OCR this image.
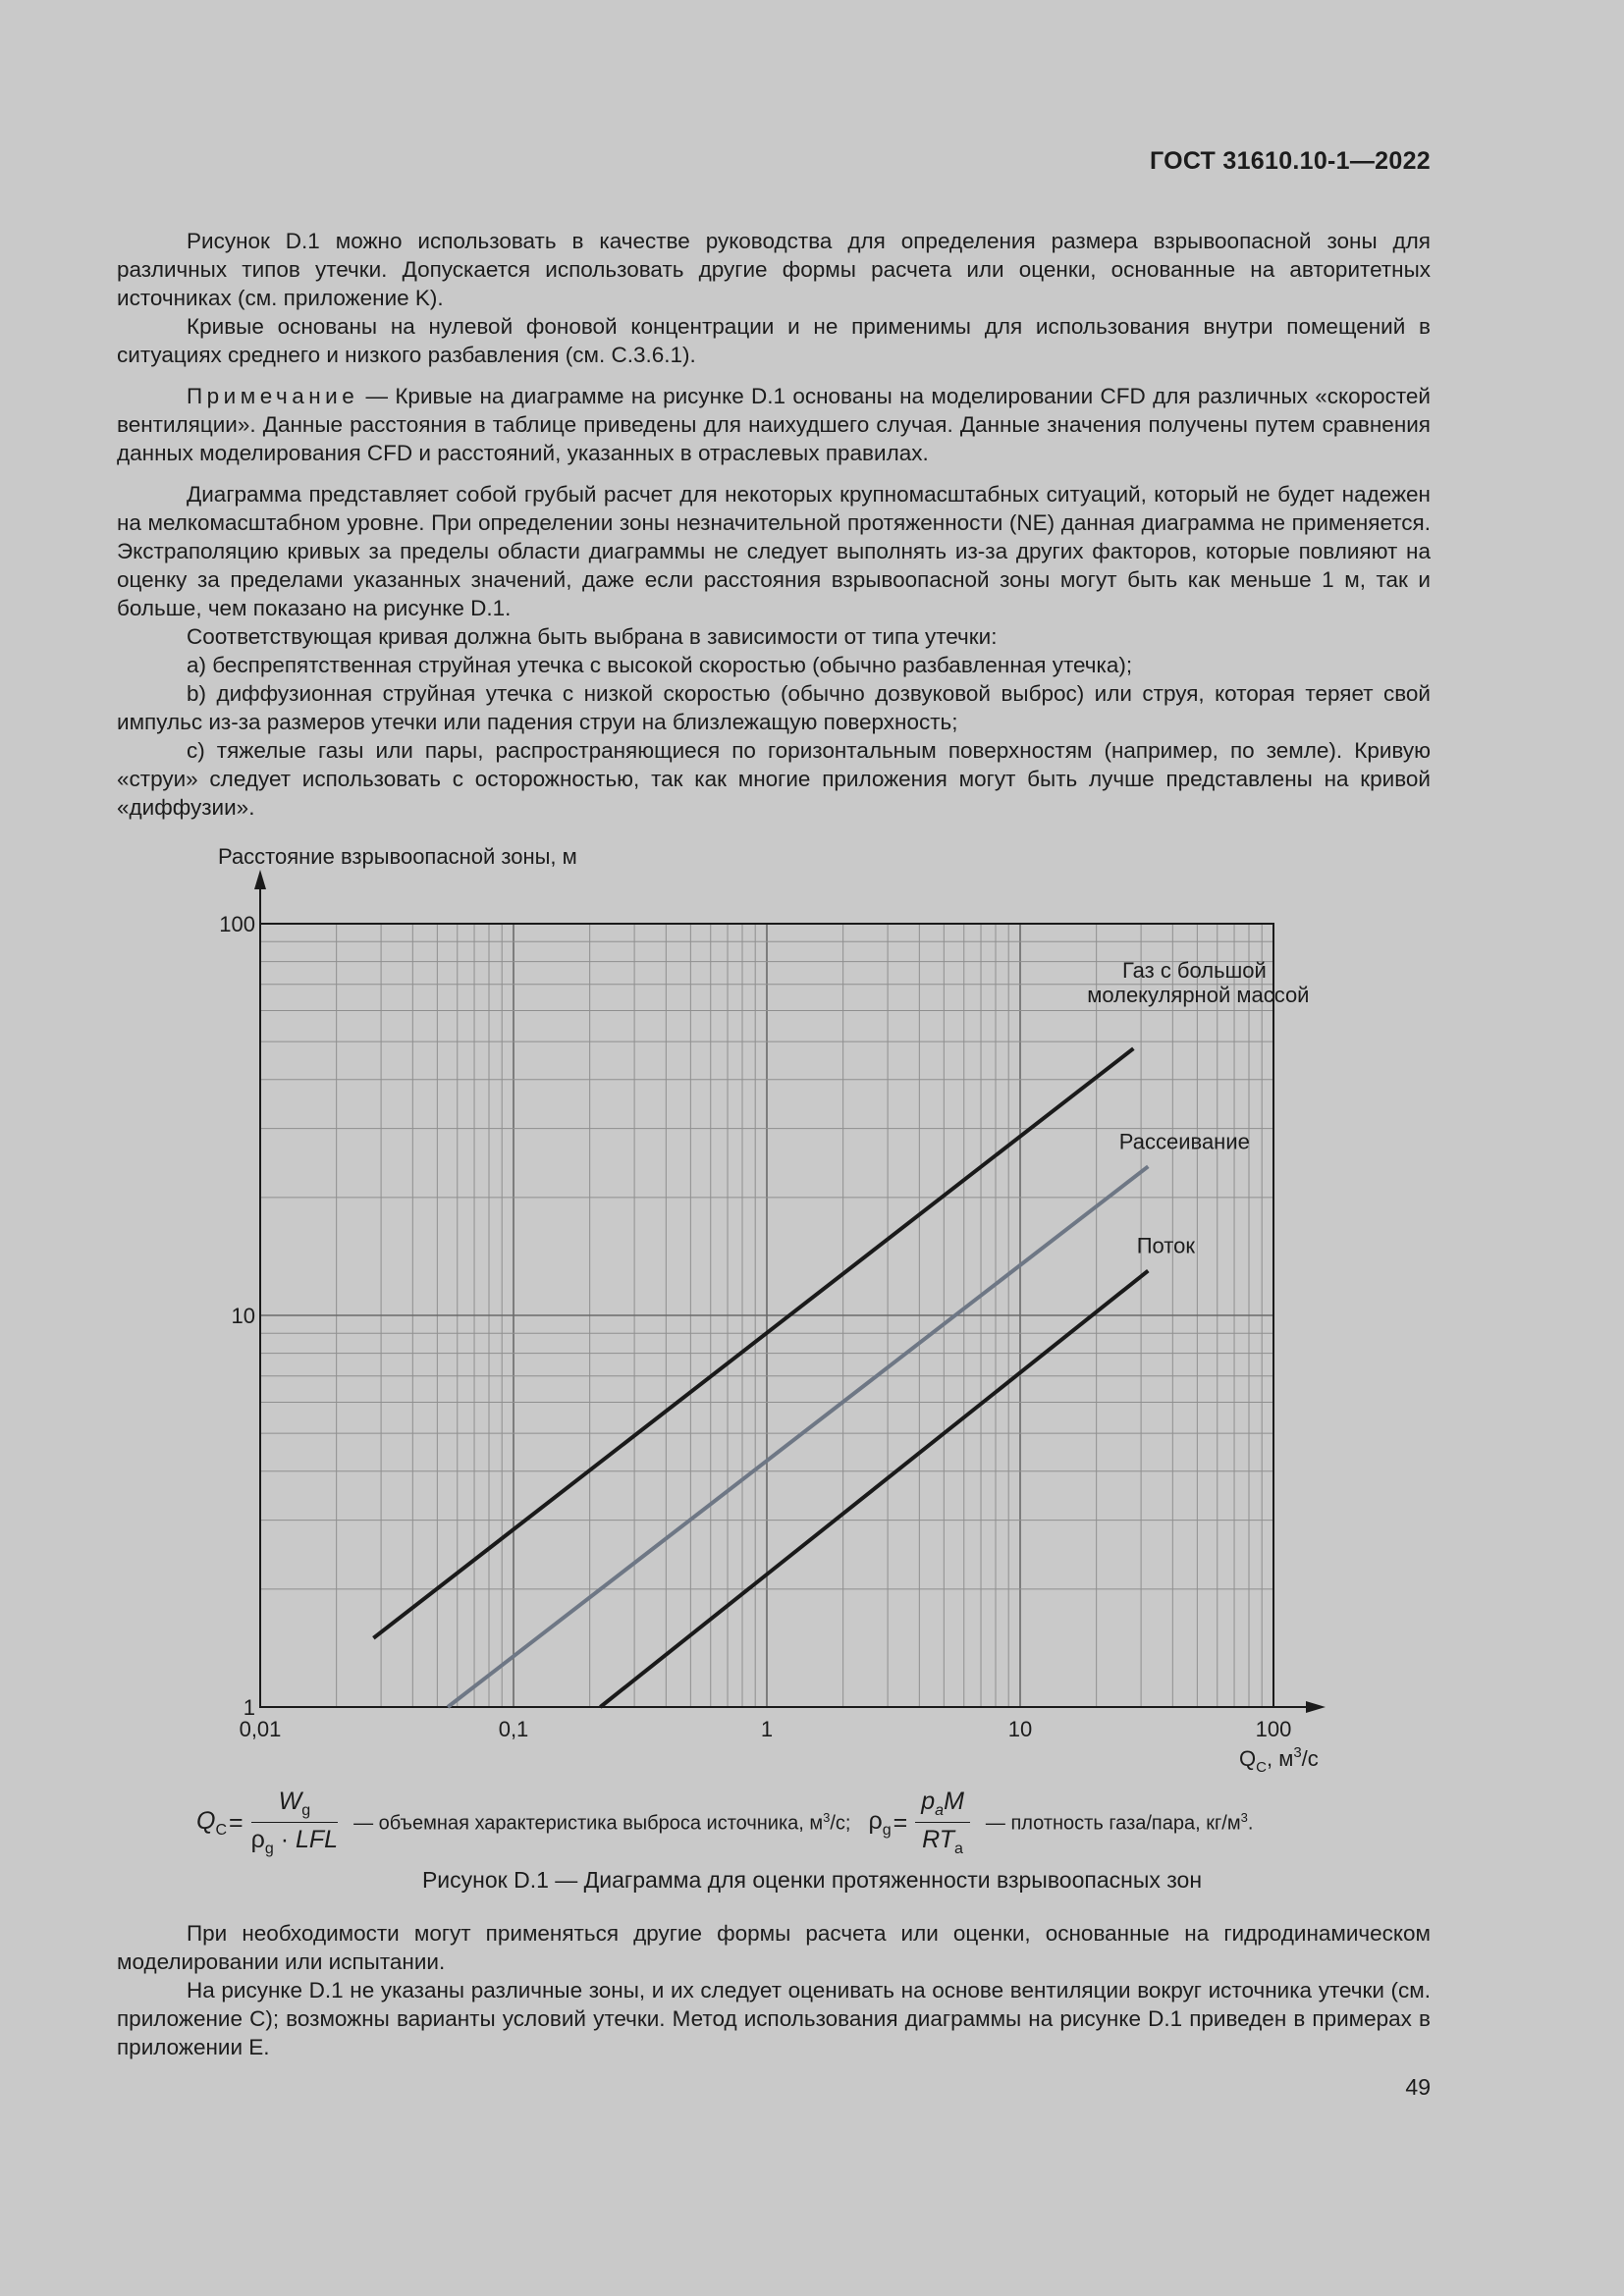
ГОСТ 31610.10-1—2022

Рисунок D.1 можно использовать в качестве руководства для определения размера взрывоопасной зоны для различных типов утечки. Допускается использовать другие формы расчета или оценки, основанные на авторитетных источниках (см. приложение K).

Кривые основаны на нулевой фоновой концентрации и не применимы для использования внутри помещений в ситуациях среднего и низкого разбавления (см. С.3.6.1).

Примечание — Кривые на диаграмме на рисунке D.1 основаны на моделировании CFD для различных «скоростей вентиляции». Данные расстояния в таблице приведены для наихудшего случая. Данные значения получены путем сравнения данных моделирования CFD и расстояний, указанных в отраслевых правилах.

Диаграмма представляет собой грубый расчет для некоторых крупномасштабных ситуаций, который не будет надежен на мелкомасштабном уровне. При определении зоны незначительной протяженности (NE) данная диаграмма не применяется. Экстраполяцию кривых за пределы области диаграммы не следует выполнять из-за других факторов, которые повлияют на оценку за пределами указанных значений, даже если расстояния взрывоопасной зоны могут быть как меньше 1 м, так и больше, чем показано на рисунке D.1.

Соответствующая кривая должна быть выбрана в зависимости от типа утечки:

а) беспрепятственная струйная утечка с высокой скоростью (обычно разбавленная утечка);

b) диффузионная струйная утечка с низкой скоростью (обычно дозвуковой выброс) или струя, которая теряет свой импульс из-за размеров утечки или падения струи на близлежащую поверхность;

с) тяжелые газы или пары, распространяющиеся по горизонтальным поверхностям (например, по земле). Кривую «струи» следует использовать с осторожностью, так как многие приложения могут быть лучше представлены на кривой «диффузии».

Расстояние взрывоопасной зоны, м
0,01	0,1	1	10	100
1
10
100
Газ с большой
молекулярной массой
Рассеивание
Поток
$Q_C$, $м^3/с$
$Q_C = \frac{W_g}{\rho_g \cdot LFL}$ — объемная характеристика выброса источника, $м^3/с$; $\rho_g = \frac{p_aM}{RT_a}$ — плотность газа/пара, $кг/м^3$.
Рисунок D.1 — Диаграмма для оценки протяженности взрывоопасных зон

При необходимости могут применяться другие формы расчета или оценки, основанные на гидродинамическом моделировании или испытании.

На рисунке D.1 не указаны различные зоны, и их следует оценивать на основе вентиляции вокруг источника утечки (см. приложение С); возможны варианты условий утечки. Метод использования диаграммы на рисунке D.1 приведен в примерах в приложении E.

49
